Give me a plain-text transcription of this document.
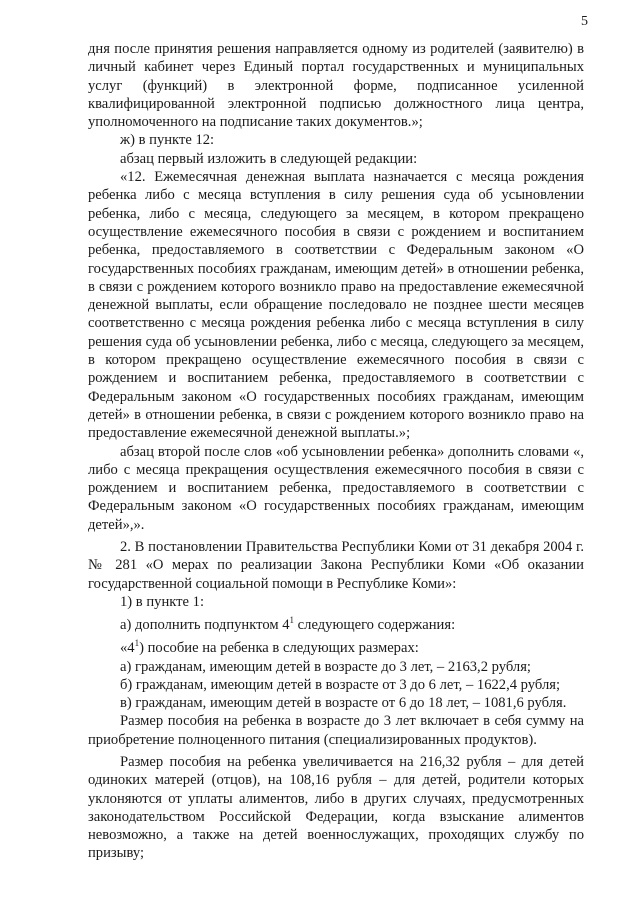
5

дня после принятия решения направляется одному из родителей (заявителю) в личный кабинет через Единый портал государственных и муниципальных услуг (функций) в электронной форме, подписанное усиленной квалифицированной электронной подписью должностного лица центра, уполномоченного на подписание таких документов.»;

ж) в пункте 12:

абзац первый изложить в следующей редакции:

«12. Ежемесячная денежная выплата назначается с месяца рождения ребенка либо с месяца вступления в силу решения суда об усыновлении ребенка, либо с месяца, следующего за месяцем, в котором прекращено осуществление ежемесячного пособия в связи с рождением и воспитанием ребенка, предоставляемого в соответствии с Федеральным законом «О государственных пособиях гражданам, имеющим детей» в отношении ребенка, в связи с рождением которого возникло право на предоставление ежемесячной денежной выплаты, если обращение последовало не позднее шести месяцев соответственно с месяца рождения ребенка либо с месяца вступления в силу решения суда об усыновлении ребенка, либо с месяца, следующего за месяцем, в котором прекращено осуществление ежемесячного пособия в связи с рождением и воспитанием ребенка, предоставляемого в соответствии с Федеральным законом «О государственных пособиях гражданам, имеющим детей» в отношении ребенка, в связи с рождением которого возникло право на предоставление ежемесячной денежной выплаты.»;

абзац второй после слов «об усыновлении ребенка» дополнить словами «, либо с месяца прекращения осуществления ежемесячного пособия в связи с рождением и воспитанием ребенка, предоставляемого в соответствии с Федеральным законом «О государственных пособиях гражданам, имеющим детей»,».

2. В постановлении Правительства Республики Коми от 31 декабря 2004 г. № 281 «О мерах по реализации Закона Республики Коми «Об оказании государственной социальной помощи в Республике Коми»:

1) в пункте 1:

а) дополнить подпунктом $4^1$ следующего содержания:

«$4^1$) пособие на ребенка в следующих размерах:

а) гражданам, имеющим детей в возрасте до 3 лет, – 2163,2 рубля;

б) гражданам, имеющим детей в возрасте от 3 до 6 лет, – 1622,4 рубля;

в) гражданам, имеющим детей в возрасте от 6 до 18 лет, – 1081,6 рубля.

Размер пособия на ребенка в возрасте до 3 лет включает в себя сумму на приобретение полноценного питания (специализированных продуктов).

Размер пособия на ребенка увеличивается на 216,32 рубля – для детей одиноких матерей (отцов), на 108,16 рубля – для детей, родители которых уклоняются от уплаты алиментов, либо в других случаях, предусмотренных законодательством Российской Федерации, когда взыскание алиментов невозможно, а также на детей военнослужащих, проходящих службу по призыву;
